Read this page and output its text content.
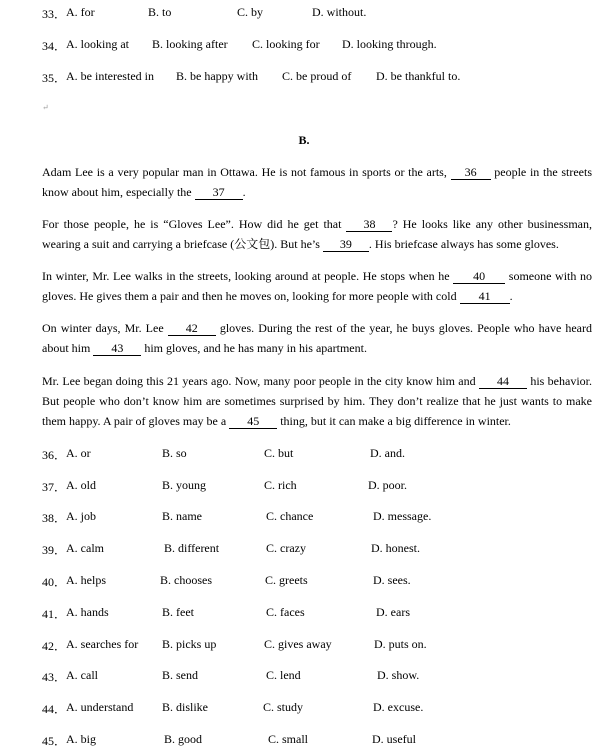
33． A. for	B. to	C. by	D. without.
34． A. looking at B. looking after C. looking for D. looking through.
35． A. be interested in B. be happy with C. be proud of D. be thankful to.
↵
B.
Adam Lee is a very popular man in Ottawa. He is not famous in sports or the arts, 36 people in the streets know about him, especially the 37 .
For those people, he is “Gloves Lee”. How did he get that 38 ? He looks like any other businessman, wearing a suit and carrying a briefcase (公文包). But he’s 39 . His briefcase always has some gloves.
In winter, Mr. Lee walks in the streets, looking around at people. He stops when he 40 someone with no gloves. He gives them a pair and then he moves on, looking for more people with cold 41 .
On winter days, Mr. Lee 42 gloves. During the rest of the year, he buys gloves. People who have heard about him 43 him gloves, and he has many in his apartment.
Mr. Lee began doing this 21 years ago. Now, many poor people in the city know him and 44 his behavior. But people who don’t know him are sometimes surprised by him. They don’t realize that he just wants to make them happy. A pair of gloves may be a 45 thing, but it can make a big difference in winter.
36． A. or	B. so	C. but	D. and.
37． A. old	B. young	C. rich	D. poor.
38． A. job	B. name	C. chance	D. message.
39． A. calm	B. different	C. crazy	D. honest.
40． A. helps	B. chooses	C. greets	D. sees.
41． A. hands	B. feet	C. faces	D. ears
42． A. searches for B. picks up	C. gives away	D. puts on.
43． A. call	B. send	C. lend	D. show.
44． A. understand B. dislike	C. study	D. excuse.
45． A. big	B. good	C. small	D. useful
